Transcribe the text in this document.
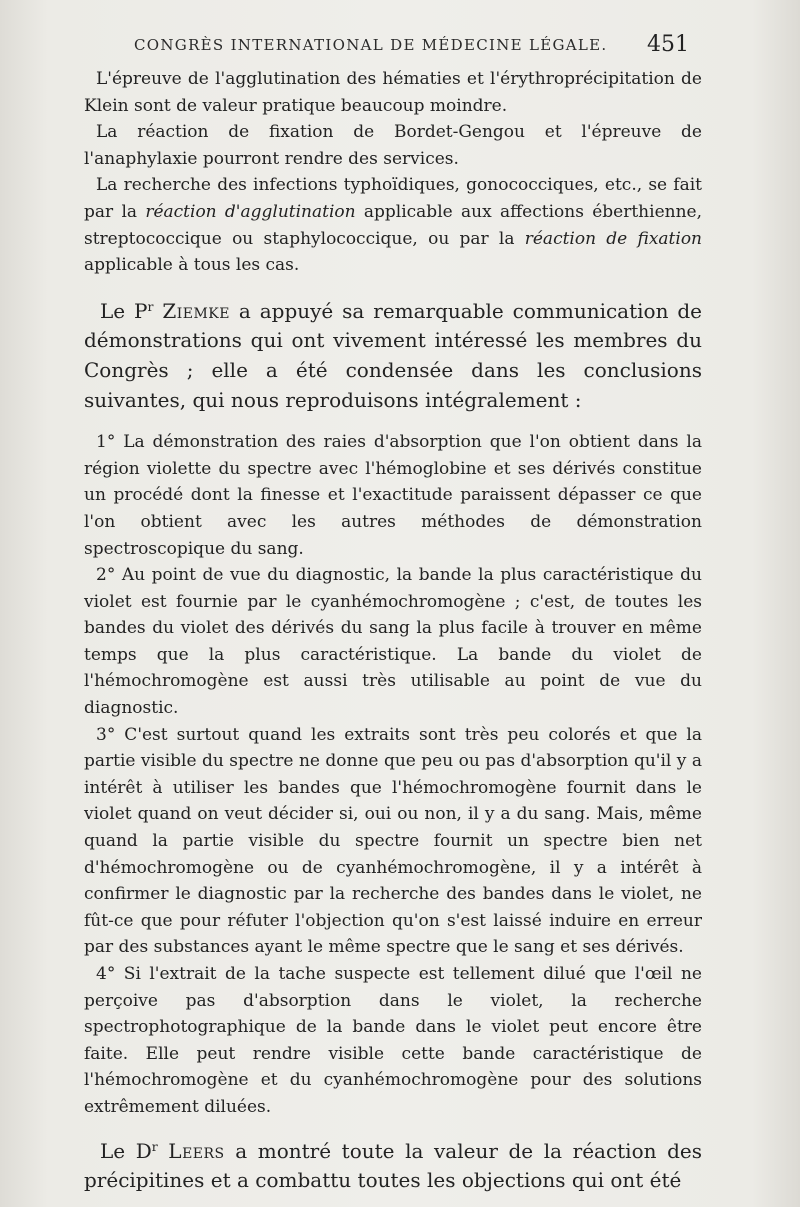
CONGRÈS INTERNATIONAL DE MÉDECINE LÉGALE. 451

L'épreuve de l'agglutination des hématies et l'érythroprécipitation de Klein sont de valeur pratique beaucoup moindre.

La réaction de fixation de Bordet-Gengou et l'épreuve de l'anaphylaxie pourront rendre des services.

La recherche des infections typhoïdiques, gonococciques, etc., se fait par la réaction d'agglutination applicable aux affections éberthienne, streptococcique ou staphylococcique, ou par la réaction de fixation applicable à tous les cas.

Le $P^r$ Ziemke a appuyé sa remarquable communication de démonstrations qui ont vivement intéressé les membres du Congrès ; elle a été condensée dans les conclusions suivantes, qui nous reproduisons intégralement :

1° La démonstration des raies d'absorption que l'on obtient dans la région violette du spectre avec l'hémoglobine et ses dérivés constitue un procédé dont la finesse et l'exactitude paraissent dépasser ce que l'on obtient avec les autres méthodes de démonstration spectroscopique du sang.

2° Au point de vue du diagnostic, la bande la plus caractéristique du violet est fournie par le cyanhémochromogène ; c'est, de toutes les bandes du violet des dérivés du sang la plus facile à trouver en même temps que la plus caractéristique. La bande du violet de l'hémochromogène est aussi très utilisable au point de vue du diagnostic.

3° C'est surtout quand les extraits sont très peu colorés et que la partie visible du spectre ne donne que peu ou pas d'absorption qu'il y a intérêt à utiliser les bandes que l'hémochromogène fournit dans le violet quand on veut décider si, oui ou non, il y a du sang. Mais, même quand la partie visible du spectre fournit un spectre bien net d'hémochromogène ou de cyanhémochromogène, il y a intérêt à confirmer le diagnostic par la recherche des bandes dans le violet, ne fût-ce que pour réfuter l'objection qu'on s'est laissé induire en erreur par des substances ayant le même spectre que le sang et ses dérivés.

4° Si l'extrait de la tache suspecte est tellement dilué que l'œil ne perçoive pas d'absorption dans le violet, la recherche spectrophotographique de la bande dans le violet peut encore être faite. Elle peut rendre visible cette bande caractéristique de l'hémochromogène et du cyanhémochromogène pour des solutions extrêmement diluées.

Le $D^r$ Leers a montré toute la valeur de la réaction des précipitines et a combattu toutes les objections qui ont été
